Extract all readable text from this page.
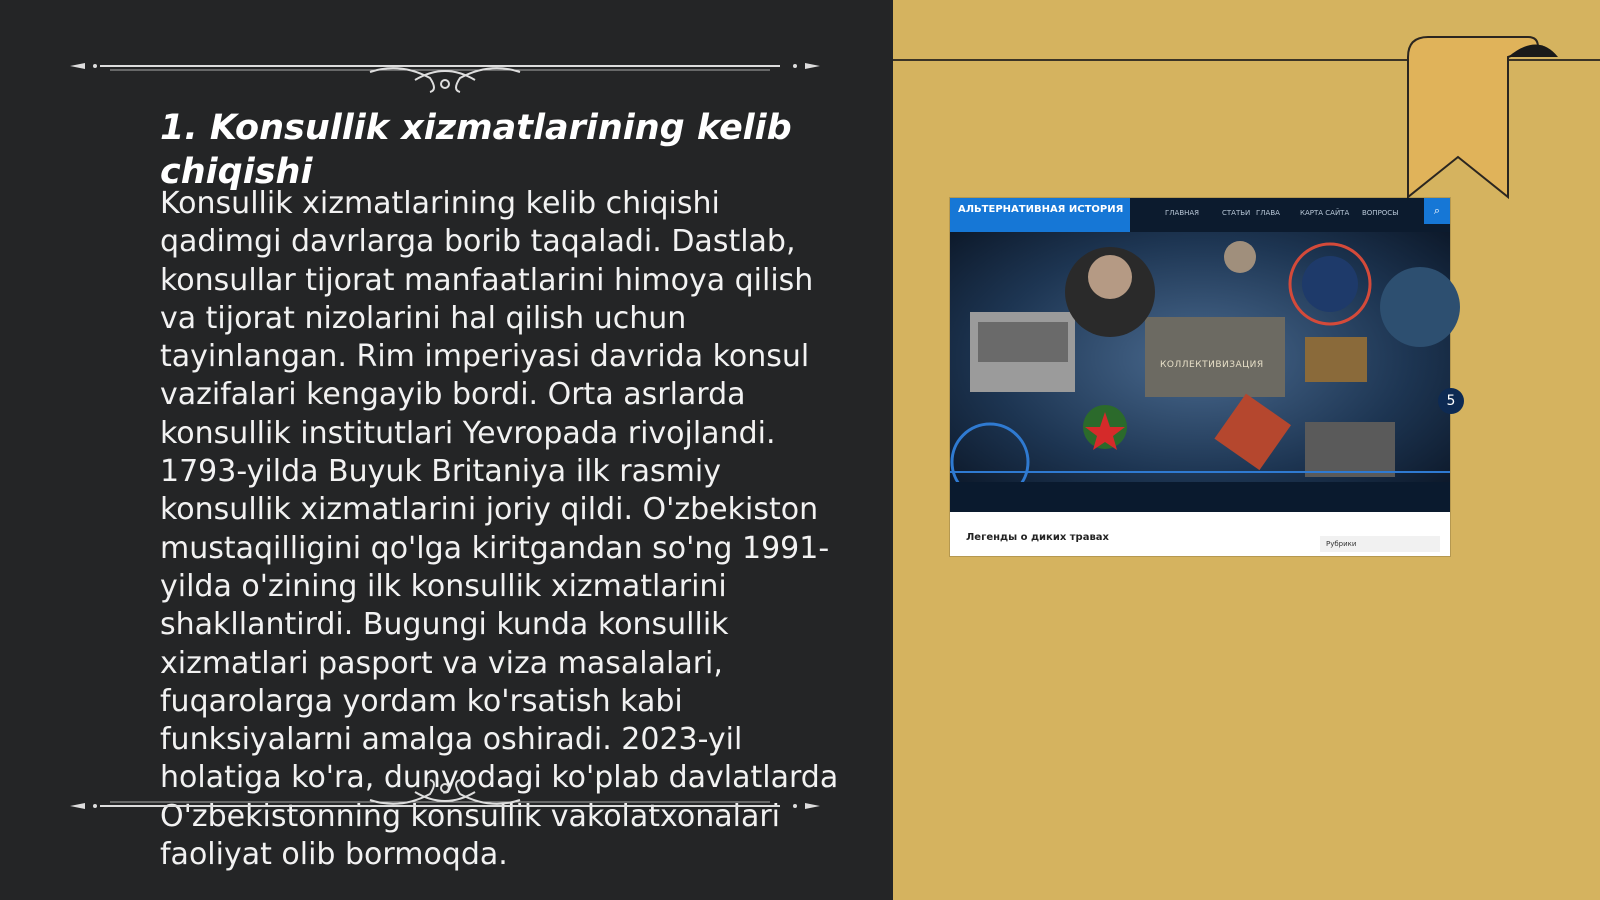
1. Konsullik xizmatlarining kelib chiqishi

Konsullik xizmatlarining kelib chiqishi qadimgi davrlarga borib taqaladi. Dastlab, konsullar tijorat manfaatlarini himoya qilish va tijorat nizolarini hal qilish uchun tayinlangan. Rim imperiyasi davrida konsul vazifalari kengayib bordi. Orta asrlarda konsullik institutlari Yevropada rivojlandi. 1793-yilda Buyuk Britaniya ilk rasmiy konsullik xizmatlarini joriy qildi. O'zbekiston mustaqilligini qo'lga kiritgandan so'ng 1991-yilda o'zining ilk konsullik xizmatlarini shakllantirdi. Bugungi kunda konsullik xizmatlari pasport va viza masalalari, fuqarolarga yordam ko'rsatish kabi funksiyalarni amalga oshiradi. 2023-yil holatiga ko'ra, dunyodagi ko'plab davlatlarda O'zbekistonning konsullik vakolatxonalari faoliyat olib bormoqda.

АЛЬТЕРНАТИВНАЯ ИСТОРИЯ	ГЛАВНАЯ	СТАТЬИ ГЛАВА	КАРТА САЙТА ВОПРОСЫ	⌕
КОЛЛЕКТИВИЗАЦИЯ
5
Легенды о диких травах
Рубрики
